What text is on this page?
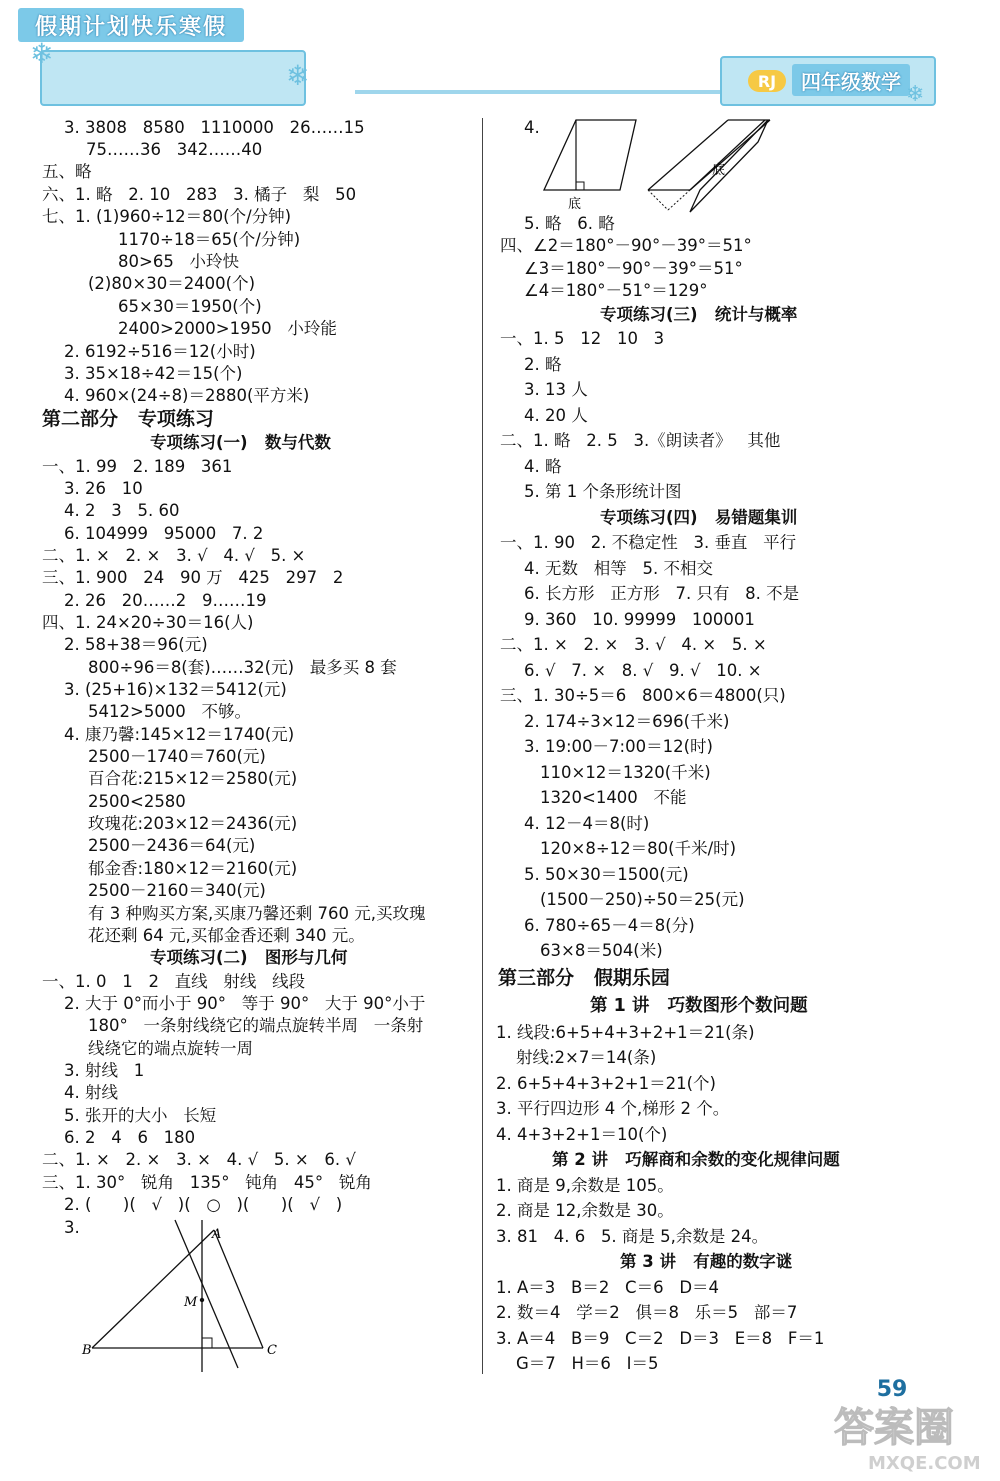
假期计划快乐寒假
❄
❄	RJ	四年级数学
❄
3. 3808   8580   1110000   26……15
75……36   342……40
五、略
六、1. 略   2. 10   283   3. 橘子   梨   50
七、1. (1)960÷12＝80(个/分钟)
1170÷18＝65(个/分钟)
80>65   小玲快
(2)80×30＝2400(个)
65×30＝1950(个)
2400>2000>1950   小玲能
2. 6192÷516＝12(小时)
3. 35×18÷42＝15(个)
4. 960×(24÷8)＝2880(平方米)
第二部分   专项练习
专项练习(一)   数与代数
一、1. 99   2. 189   361
3. 26   10
4. 2   3   5. 60
6. 104999   95000   7. 2
二、1. ×   2. ×   3. √   4. √   5. ×
三、1. 900   24   90 万   425   297   2
2. 26   20……2   9……19
四、1. 24×20÷30＝16(人)
2. 58+38＝96(元)
800÷96＝8(套)……32(元)   最多买 8 套
3. (25+16)×132＝5412(元)
5412>5000   不够。
4. 康乃馨:145×12＝1740(元)
2500－1740＝760(元)
百合花:215×12＝2580(元)
2500<2580
玫瑰花:203×12＝2436(元)
2500－2436＝64(元)
郁金香:180×12＝2160(元)
2500－2160＝340(元)
有 3 种购买方案,买康乃馨还剩 760 元,买玫瑰
花还剩 64 元,买郁金香还剩 340 元。
专项练习(二)   图形与几何
一、1. 0   1   2   直线   射线   线段
2. 大于 0°而小于 90°   等于 90°   大于 90°小于
180°   一条射线绕它的端点旋转半周   一条射
线绕它的端点旋转一周
3. 射线   1
4. 射线
5. 张开的大小   长短
6. 2   4   6   180
二、1. ×   2. ×   3. ×   4. √   5. ×   6. √
三、1. 30°   锐角   135°   钝角   45°   锐角
2. (      )(   √   )(   ○   )(      )(   √   )
3.	A
M
B	C
4.
底
底
5. 略   6. 略
四、∠2＝180°－90°－39°＝51°
∠3＝180°－90°－39°＝51°
∠4＝180°－51°＝129°
专项练习(三)   统计与概率
一、1. 5   12   10   3
2. 略
3. 13 人
4. 20 人
二、1. 略   2. 5   3.《朗读者》   其他
4. 略
5. 第 1 个条形统计图
专项练习(四)   易错题集训
一、1. 90   2. 不稳定性   3. 垂直   平行
4. 无数   相等   5. 不相交
6. 长方形   正方形   7. 只有   8. 不是
9. 360   10. 99999   100001
二、1. ×   2. ×   3. √   4. ×   5. ×
6. √   7. ×   8. √   9. √   10. ×
三、1. 30÷5＝6   800×6＝4800(只)
2. 174÷3×12＝696(千米)
3. 19:00－7:00＝12(时)
110×12＝1320(千米)
1320<1400   不能
4. 12－4＝8(时)
120×8÷12＝80(千米/时)
5. 50×30＝1500(元)
(1500－250)÷50＝25(元)
6. 780÷65－4＝8(分)
63×8＝504(米)
第三部分   假期乐园
第 1 讲   巧数图形个数问题
1. 线段:6+5+4+3+2+1＝21(条)
射线:2×7＝14(条)
2. 6+5+4+3+2+1＝21(个)
3. 平行四边形 4 个,梯形 2 个。
4. 4+3+2+1＝10(个)
第 2 讲   巧解商和余数的变化规律问题
1. 商是 9,余数是 105。
2. 商是 12,余数是 30。
3. 81   4. 6   5. 商是 5,余数是 24。
第 3 讲   有趣的数字谜
1. A＝3   B＝2   C＝6   D＝4
2. 数＝4   学＝2   俱＝8   乐＝5   部＝7
3. A＝4   B＝9   C＝2   D＝3   E＝8   F＝1
G＝7   H＝6   I＝5
59
答案圈
MXQE.COM
